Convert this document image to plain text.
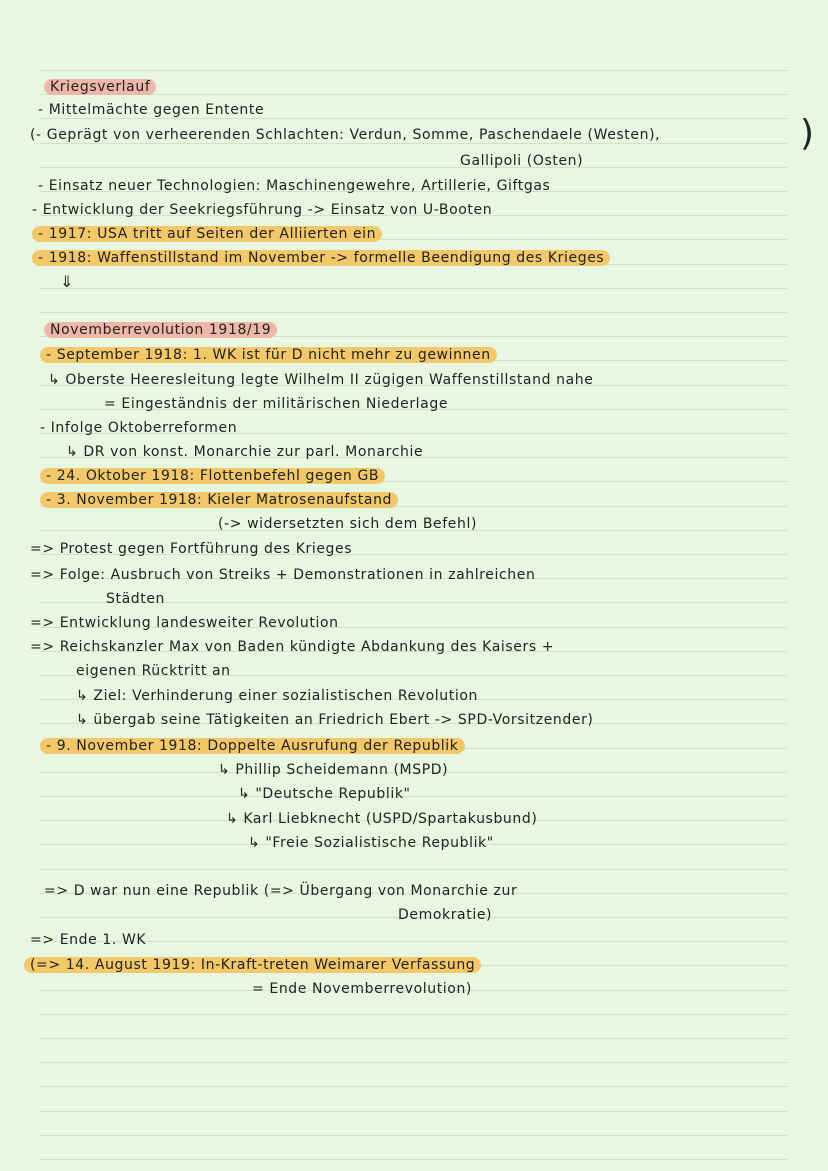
Kriegsverlauf
- Mittelmächte gegen Entente
(- Geprägt von verheerenden Schlachten: Verdun, Somme, Paschendaele (Westen),	)
Gallipoli (Osten)
- Einsatz neuer Technologien: Maschinengewehre, Artillerie, Giftgas
- Entwicklung der Seekriegsführung -> Einsatz von U-Booten
- 1917: USA tritt auf Seiten der Alliierten ein
- 1918: Waffenstillstand im November -> formelle Beendigung des Krieges
⇓
Novemberrevolution 1918/19
- September 1918: 1. WK ist für D nicht mehr zu gewinnen
↳ Oberste Heeresleitung legte Wilhelm II zügigen Waffenstillstand nahe
= Eingeständnis der militärischen Niederlage
- Infolge Oktoberreformen
↳ DR von konst. Monarchie zur parl. Monarchie
- 24. Oktober 1918: Flottenbefehl gegen GB
- 3. November 1918: Kieler Matrosenaufstand
(-> widersetzten sich dem Befehl)
=> Protest gegen Fortführung des Krieges
=> Folge: Ausbruch von Streiks + Demonstrationen in zahlreichen
Städten
=> Entwicklung landesweiter Revolution
=> Reichskanzler Max von Baden kündigte Abdankung des Kaisers +
eigenen Rücktritt an
↳ Ziel: Verhinderung einer sozialistischen Revolution
↳ übergab seine Tätigkeiten an Friedrich Ebert -> SPD-Vorsitzender)
- 9. November 1918: Doppelte Ausrufung der Republik
↳ Phillip Scheidemann (MSPD)
↳ "Deutsche Republik"
↳ Karl Liebknecht (USPD/Spartakusbund)
↳ "Freie Sozialistische Republik"
=> D war nun eine Republik (=> Übergang von Monarchie zur
Demokratie)
=> Ende 1. WK
(=> 14. August 1919: In-Kraft-treten Weimarer Verfassung
= Ende Novemberrevolution)
